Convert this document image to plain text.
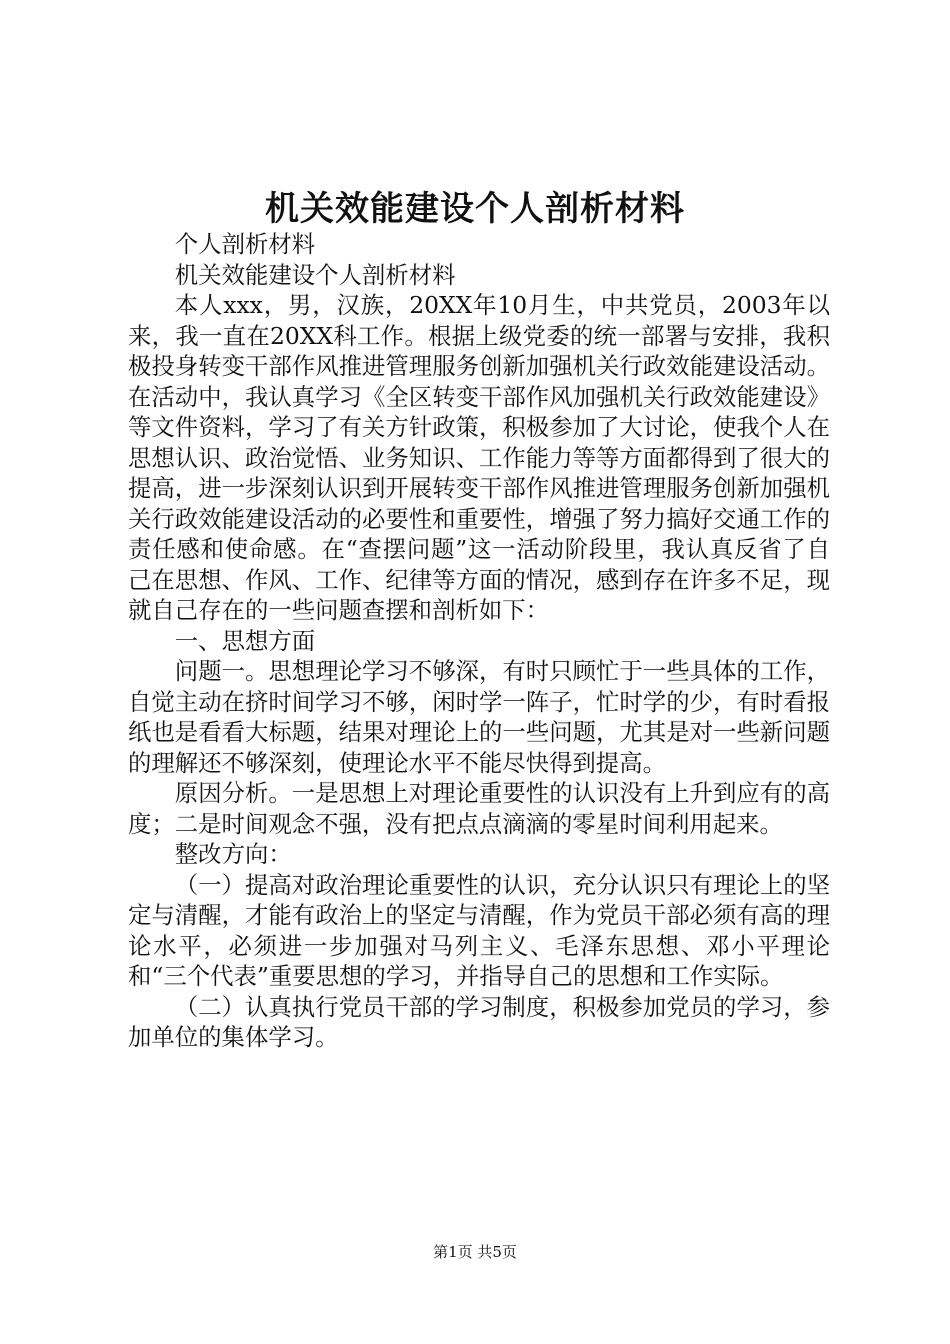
机关效能建设个人剖析材料

个人剖析材料

机关效能建设个人剖析材料

本人xxx，男，汉族，20XX年10月生，中共党员，2003年以来，我一直在20XX科工作。根据上级党委的统一部署与安排，我积极投身转变干部作风推进管理服务创新加强机关行政效能建设活动。在活动中，我认真学习《全区转变干部作风加强机关行政效能建设》等文件资料，学习了有关方针政策，积极参加了大讨论，使我个人在思想认识、政治觉悟、业务知识、工作能力等等方面都得到了很大的提高，进一步深刻认识到开展转变干部作风推进管理服务创新加强机关行政效能建设活动的必要性和重要性，增强了努力搞好交通工作的责任感和使命感。在“查摆问题”这一活动阶段里，我认真反省了自己在思想、作风、工作、纪律等方面的情况，感到存在许多不足，现就自己存在的一些问题查摆和剖析如下：

一、思想方面

问题一。思想理论学习不够深，有时只顾忙于一些具体的工作，自觉主动在挤时间学习不够，闲时学一阵子，忙时学的少，有时看报纸也是看看大标题，结果对理论上的一些问题，尤其是对一些新问题的理解还不够深刻，使理论水平不能尽快得到提高。

原因分析。一是思想上对理论重要性的认识没有上升到应有的高度；二是时间观念不强，没有把点点滴滴的零星时间利用起来。

整改方向：

（一）提高对政治理论重要性的认识，充分认识只有理论上的坚定与清醒，才能有政治上的坚定与清醒，作为党员干部必须有高的理论水平，必须进一步加强对马列主义、毛泽东思想、邓小平理论和“三个代表”重要思想的学习，并指导自己的思想和工作实际。

（二）认真执行党员干部的学习制度，积极参加党员的学习，参加单位的集体学习。

第1页 共5页
